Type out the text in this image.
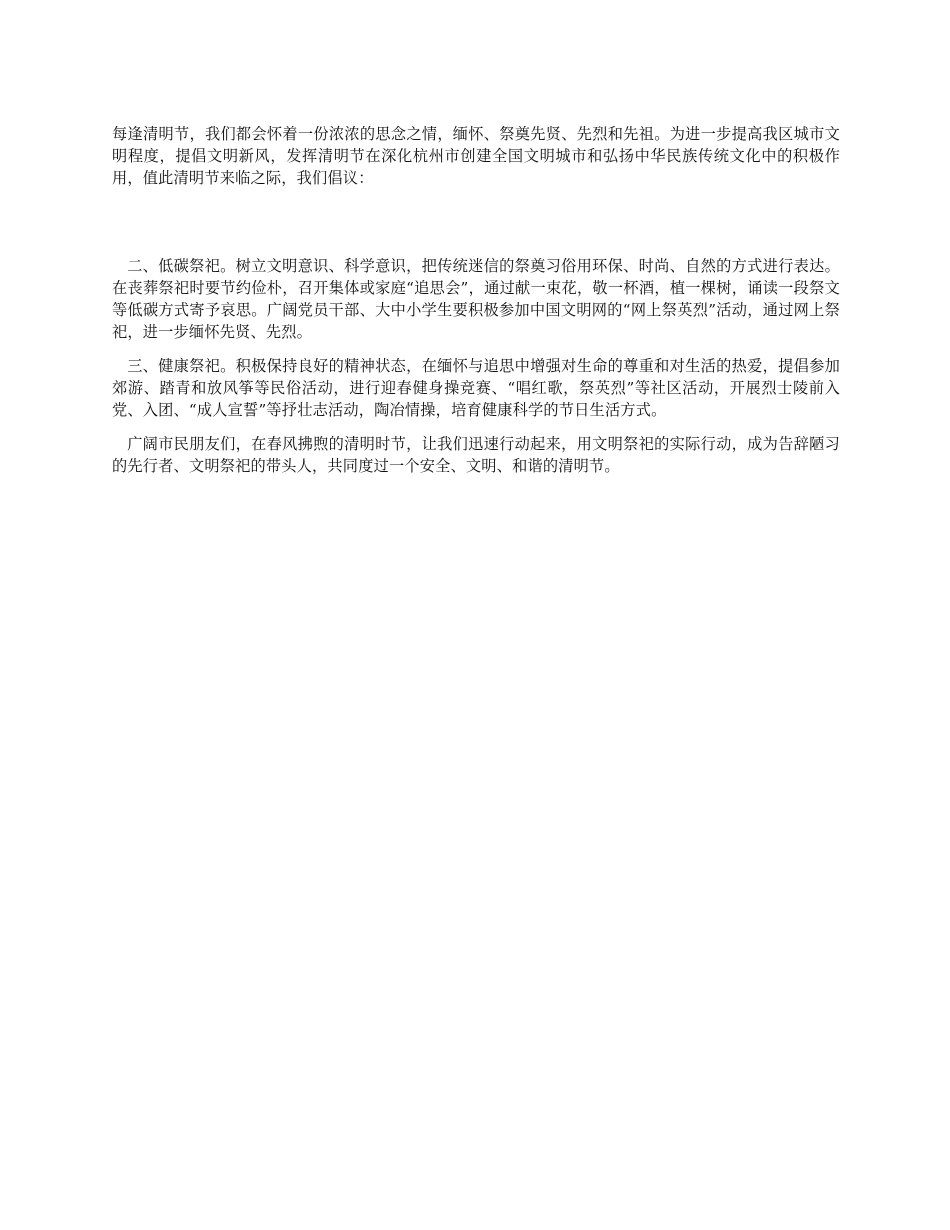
每逢清明节，我们都会怀着一份浓浓的思念之情，缅怀、祭奠先贤、先烈和先祖。为进一步提高我区城市文明程度，提倡文明新风，发挥清明节在深化杭州市创建全国文明城市和弘扬中华民族传统文化中的积极作用，值此清明节来临之际，我们倡议：

二、低碳祭祀。树立文明意识、科学意识，把传统迷信的祭奠习俗用环保、时尚、自然的方式进行表达。在丧葬祭祀时要节约俭朴，召开集体或家庭“追思会”，通过献一束花，敬一杯酒，植一棵树，诵读一段祭文等低碳方式寄予哀思。广阔党员干部、大中小学生要积极参加中国文明网的“网上祭英烈”活动，通过网上祭祀，进一步缅怀先贤、先烈。

三、健康祭祀。积极保持良好的精神状态，在缅怀与追思中增强对生命的尊重和对生活的热爱，提倡参加郊游、踏青和放风筝等民俗活动，进行迎春健身操竞赛、“唱红歌，祭英烈”等社区活动，开展烈士陵前入党、入团、“成人宣誓”等抒壮志活动，陶冶情操，培育健康科学的节日生活方式。

广阔市民朋友们，在春风拂煦的清明时节，让我们迅速行动起来，用文明祭祀的实际行动，成为告辞陋习的先行者、文明祭祀的带头人，共同度过一个安全、文明、和谐的清明节。
